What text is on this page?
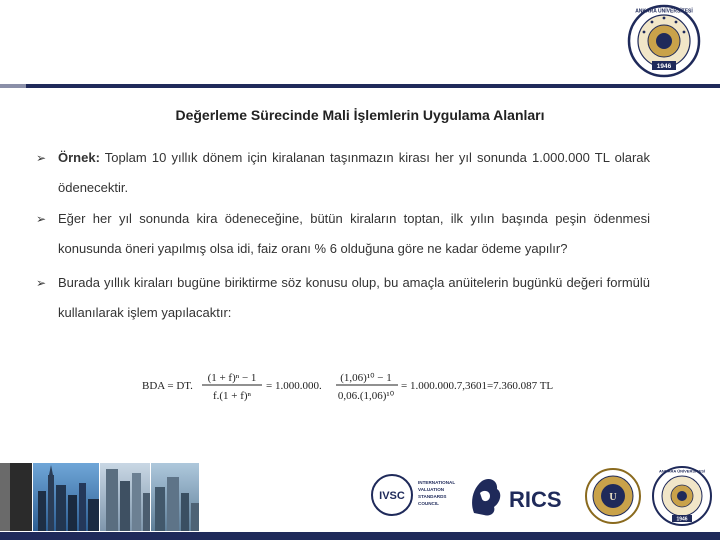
ANKARA ÜNİVERSİTESİ
1946
Değerleme Sürecinde Mali İşlemlerin Uygulama Alanları
➢ Örnek: Toplam 10 yıllık dönem için kiralanan taşınmazın kirası her yıl sonunda 1.000.000 TL olarak ödenecektir.
➢ Eğer her yıl sonunda kira ödeneceğine, bütün kiraların toptan, ilk yılın başında peşin ödenmesi konusunda öneri yapılmış olsa idi, faiz oranı % 6 olduğuna göre ne kadar ödeme yapılır?
➢ Burada yıllık kiraları bugüne biriktirme söz konusu olup, bu amaçla anüitelerin bugünkü değeri formülü kullanılarak işlem yapılacaktır:
BDA = DT.
(1 + f)ⁿ − 1
f.(1 + f)ⁿ
= 1.000.000.
(1,06)¹⁰ − 1
0,06.(1,06)¹⁰
= 1.000.000.7,3601=7.360.087 TL
IVSC
INTERNATIONAL
VALUATION
STANDARDS
COUNCIL	RICS	U
ANKARA ÜNİVERSİTESİ
1946
